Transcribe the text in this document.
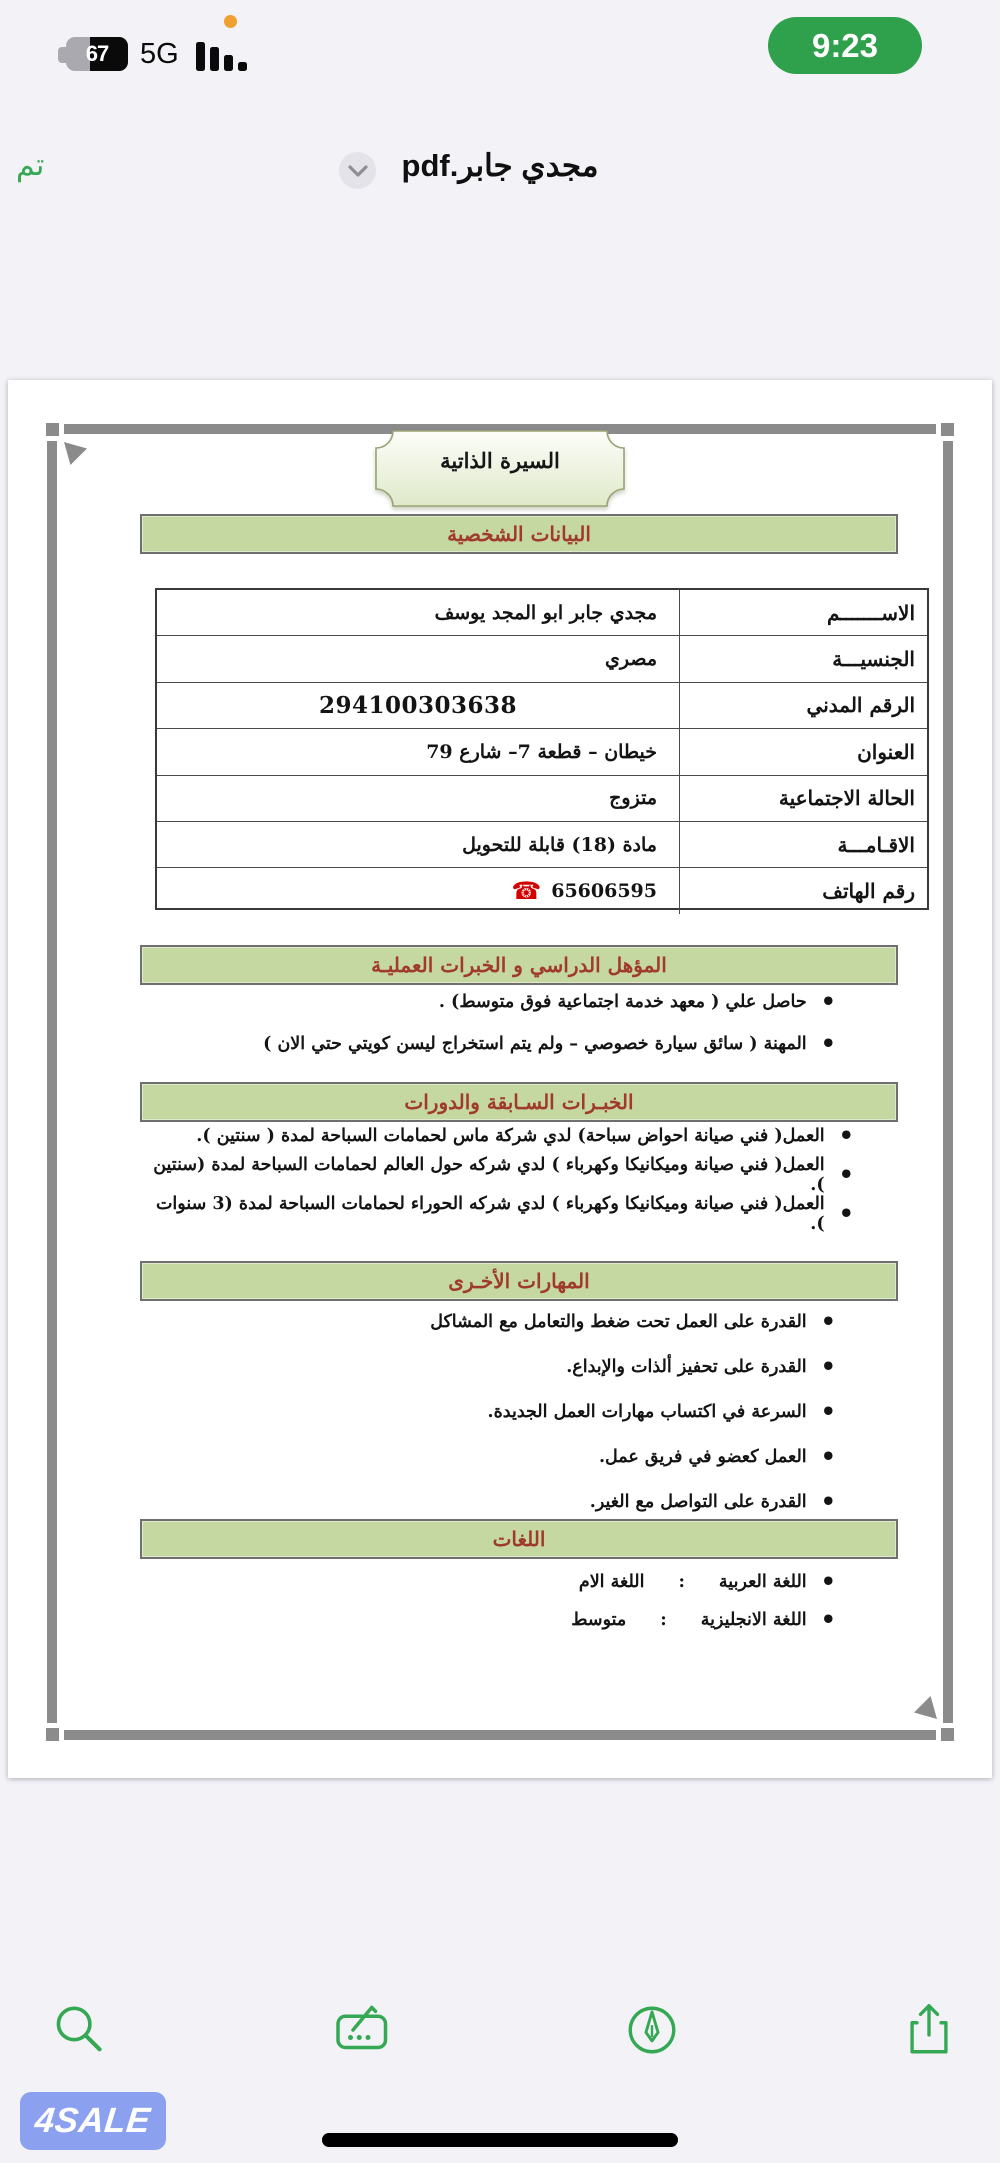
67	5G	9:23
مجدي جابر.pdf
تم
السيرة الذاتية
البيانات الشخصية
الاســـــــم
مجدي جابر ابو المجد يوسف
الجنسيـــة
مصري
الرقم المدني
294100303638
العنوان
خيطان – قطعة 7– شارع 79
الحالة الاجتماعية
متزوج
الاقـامـــة
مادة (18) قابلة للتحويل
رقم الهاتف
☎ 65606595
المؤهل الدراسي و الخبرات العمليـة
•
حاصل علي ( معهد خدمة اجتماعية فوق متوسط) .
•
المهنة ( سائق سيارة خصوصي – ولم يتم استخراج ليسن كويتي حتي الان )
الخبـرات السـابقة والدورات
•
العمل( فني صيانة احواض سباحة) لدي شركة ماس لحمامات السباحة لمدة ( سنتين ).
•
العمل( فني صيانة وميكانيكا وكهرباء ) لدي شركه حول العالم لحمامات السباحة لمدة (سنتين ).
•
العمل( فني صيانة وميكانيكا وكهرباء ) لدي شركه الحوراء لحمامات السباحة لمدة (3 سنوات ).
المهارات الأخـرى
•
القدرة على العمل تحت ضغط والتعامل مع المشاكل
•
القدرة على تحفيز ألذات والإبداع.
•
السرعة في اكتساب مهارات العمل الجديدة.
•
العمل كعضو في فريق عمل.
•
القدرة على التواصل مع الغير.
اللغات
•
اللغة العربية
:
اللغة الام
•
اللغة الانجليزية
:
متوسط
4SALE
